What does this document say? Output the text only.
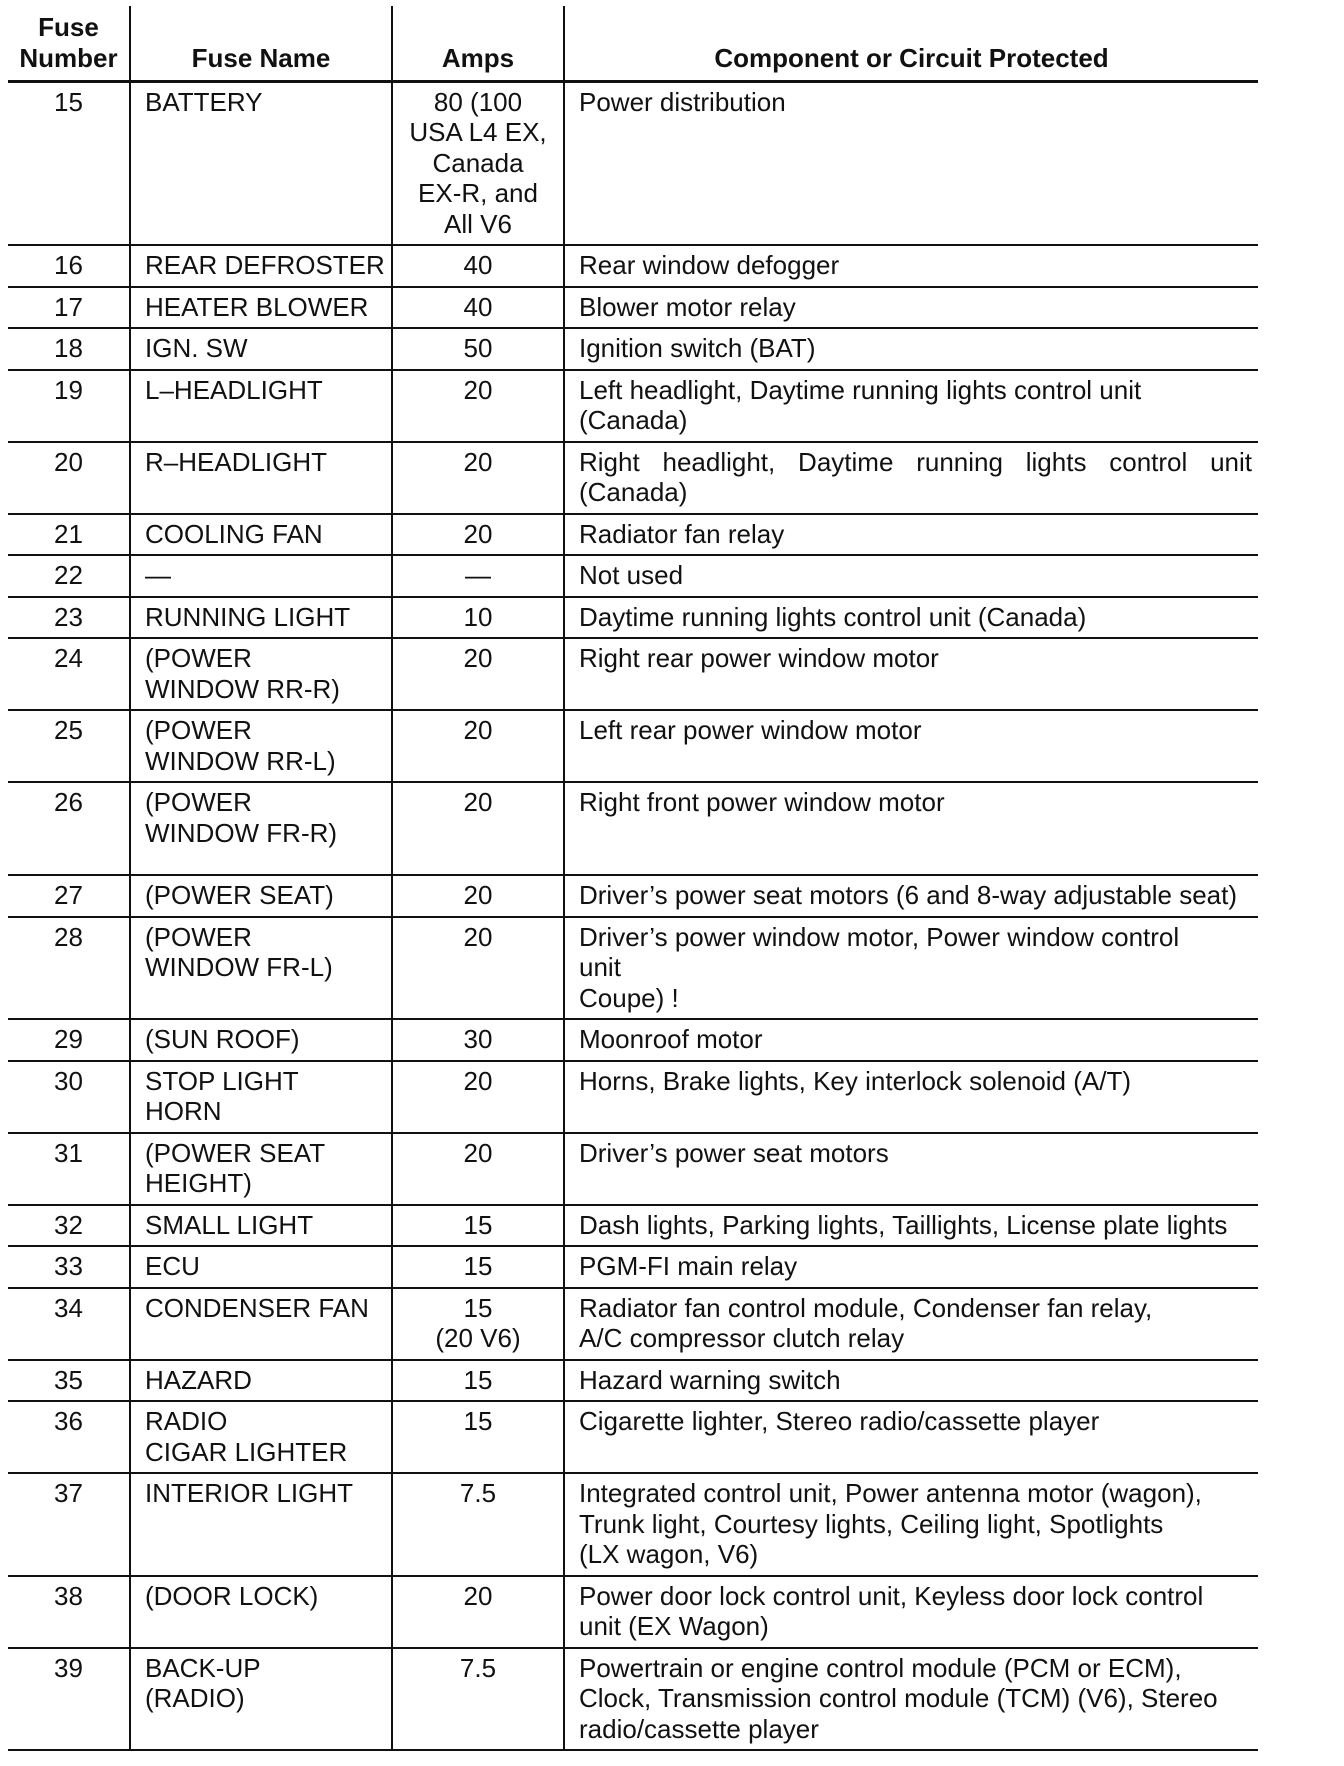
Fuse
Number	Fuse Name	Amps	Component or Circuit Protected
15	BATTERY	80 (100
USA L4 EX,
Canada
EX-R, and
All V6	Power distribution

16	REAR DEFROSTER	40	Rear window defogger

17	HEATER BLOWER	40	Blower motor relay

18	IGN. SW	50	Ignition switch (BAT)

19	L–HEADLIGHT	20	Left headlight, Daytime running lights control unit (Canada)

20	R–HEADLIGHT	20	Right headlight, Daytime running lights control unit (Canada)

21	COOLING FAN	20	Radiator fan relay

22	—	—	Not used

23	RUNNING LIGHT	10	Daytime running lights control unit (Canada)

24	(POWER
WINDOW RR-R)	20	Right rear power window motor

25	(POWER
WINDOW RR-L)	20	Left rear power window motor

26	(POWER
WINDOW FR-R)	20	Right front power window motor

27	(POWER SEAT)	20	Driver’s power seat motors (6 and 8-way adjustable seat)

28	(POWER
WINDOW FR-L)	20	Driver’s power window motor, Power window control
unit
Coupe) !

29	(SUN ROOF)	30	Moonroof motor

30	STOP LIGHT
HORN	20	Horns, Brake lights, Key interlock solenoid (A/T)

31	(POWER SEAT
HEIGHT)	20	Driver’s power seat motors

32	SMALL LIGHT	15	Dash lights, Parking lights, Taillights, License plate lights

33	ECU	15	PGM-FI main relay

34	CONDENSER FAN	15
(20 V6)	Radiator fan control module, Condenser fan relay,
A/C compressor clutch relay

35	HAZARD	15	Hazard warning switch

36	RADIO
CIGAR LIGHTER	15	Cigarette lighter, Stereo radio/cassette player

37	INTERIOR LIGHT	7.5	Integrated control unit, Power antenna motor (wagon),
Trunk light, Courtesy lights, Ceiling light, Spotlights
(LX wagon, V6)

38	(DOOR LOCK)	20	Power door lock control unit, Keyless door lock control
unit (EX Wagon)

39	BACK-UP
(RADIO)	7.5	Powertrain or engine control module (PCM or ECM),
Clock, Transmission control module (TCM) (V6), Stereo
radio/cassette player
